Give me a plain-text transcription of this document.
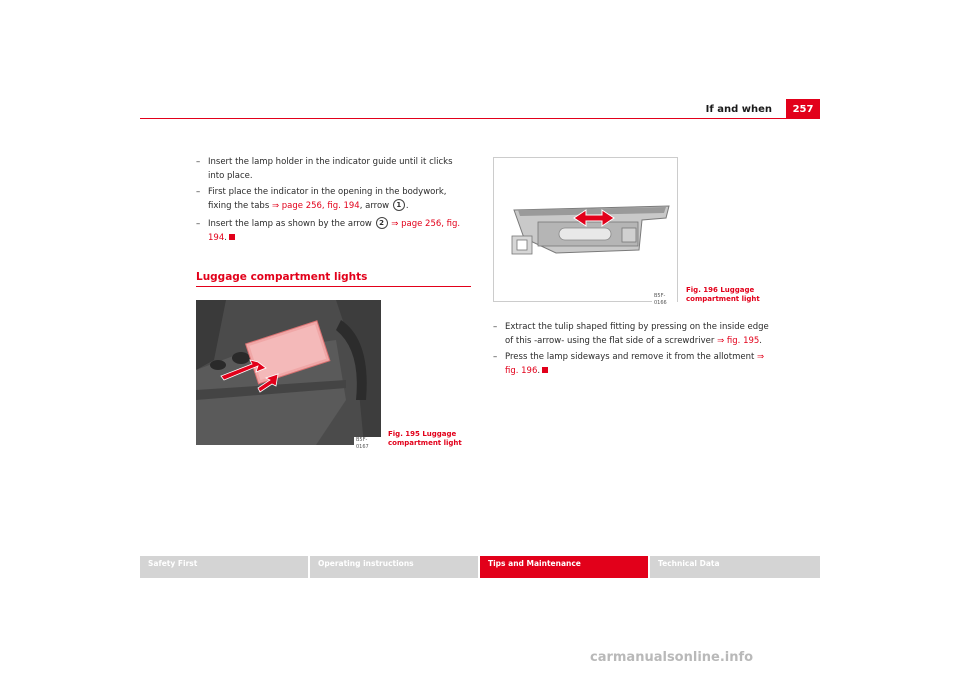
If and when	257
– Insert the lamp holder in the indicator guide until it clicks into place.
– First place the indicator in the opening in the bodywork, fixing the tabs ⇒ page 256, fig. 194, arrow 1 .
– Insert the lamp as shown by the arrow 2 ⇒ page 256, fig. 194.
Luggage compartment lights
B5F-0167
Fig. 195 Luggage
compartment light
B5F-0166
Fig. 196 Luggage
compartment light
– Extract the tulip shaped fitting by pressing on the inside edge of this -arrow- using the flat side of a screwdriver ⇒ fig. 195.
– Press the lamp sideways and remove it from the allotment ⇒ fig. 196.
Safety First	Operating instructions	Tips and Maintenance	Technical Data
carmanualsonline.info
